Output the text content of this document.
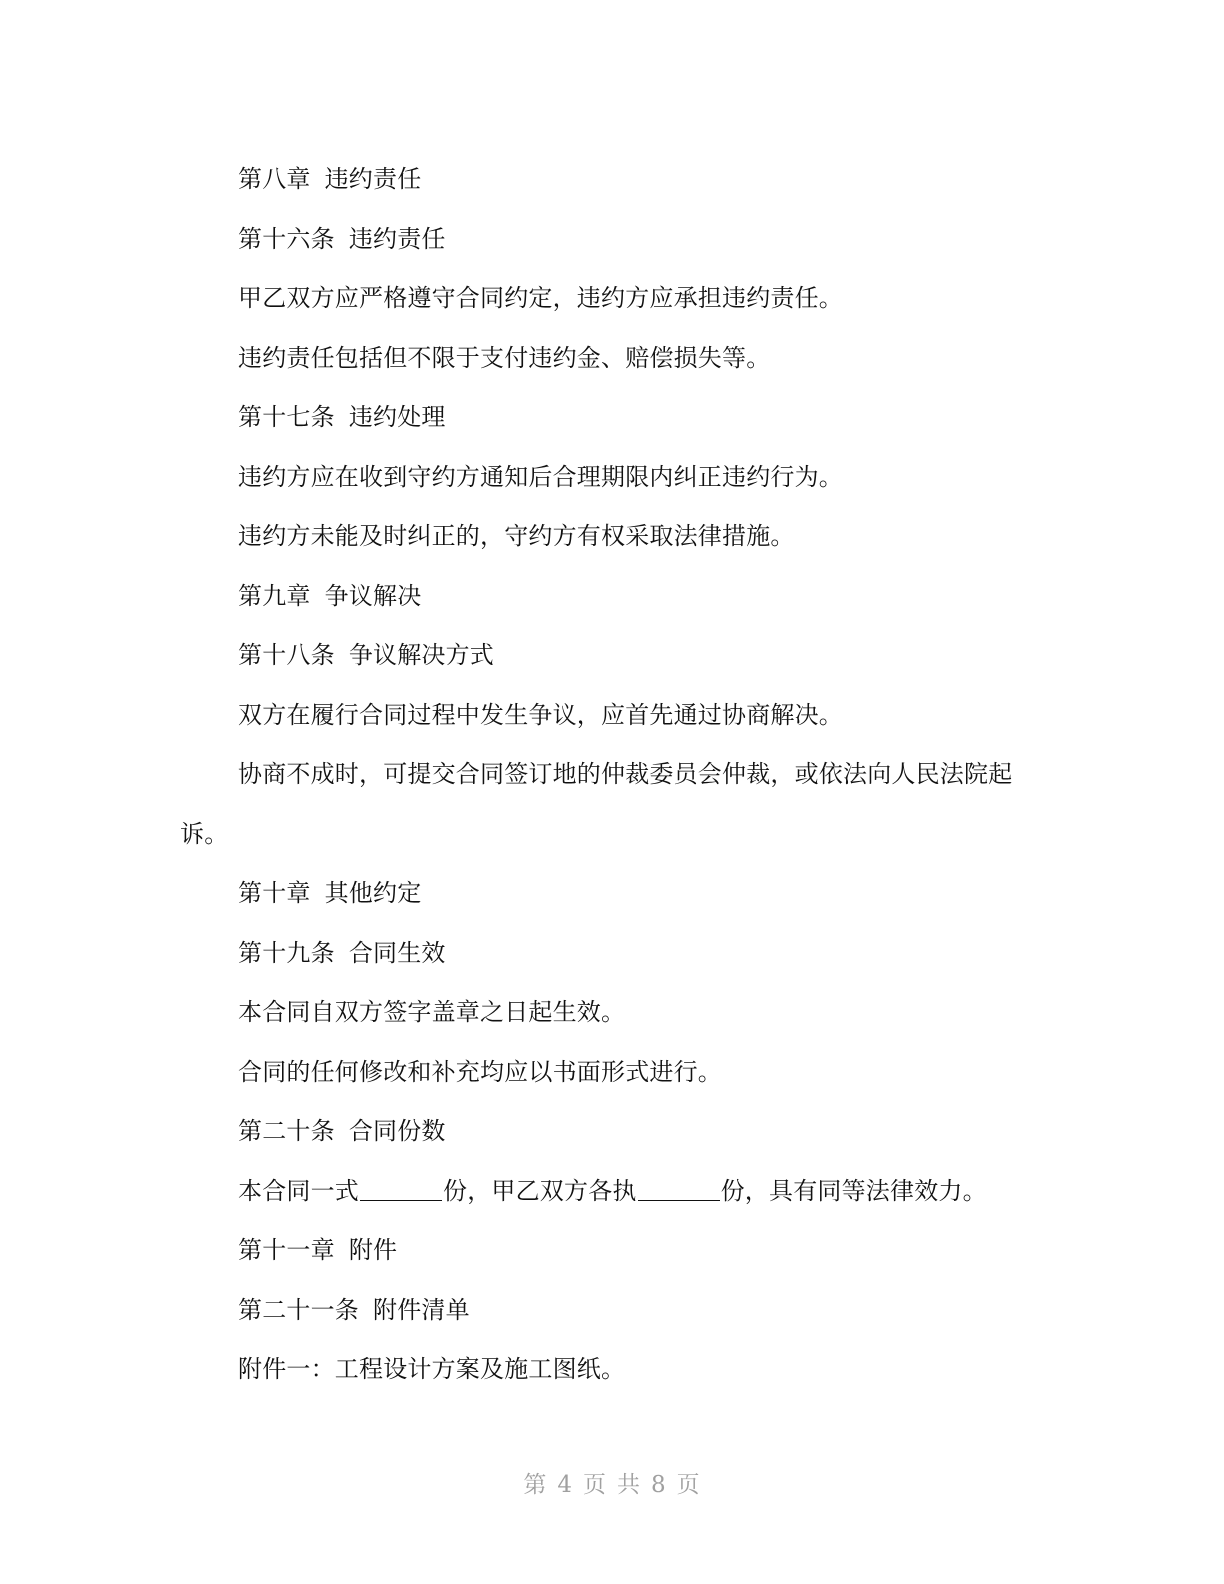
第八章 违约责任
第十六条 违约责任
甲乙双方应严格遵守合同约定，违约方应承担违约责任。
违约责任包括但不限于支付违约金、赔偿损失等。
第十七条 违约处理
违约方应在收到守约方通知后合理期限内纠正违约行为。
违约方未能及时纠正的，守约方有权采取法律措施。
第九章 争议解决
第十八条 争议解决方式
双方在履行合同过程中发生争议，应首先通过协商解决。
协商不成时，可提交合同签订地的仲裁委员会仲裁，或依法向人民法院起
诉。
第十章 其他约定
第十九条 合同生效
本合同自双方签字盖章之日起生效。
合同的任何修改和补充均应以书面形式进行。
第二十条 合同份数
本合同一式	份，甲乙双方各执	份，具有同等法律效力。
第十一章 附件
第二十一条 附件清单
附件一：工程设计方案及施工图纸。
第 4 页 共 8 页
